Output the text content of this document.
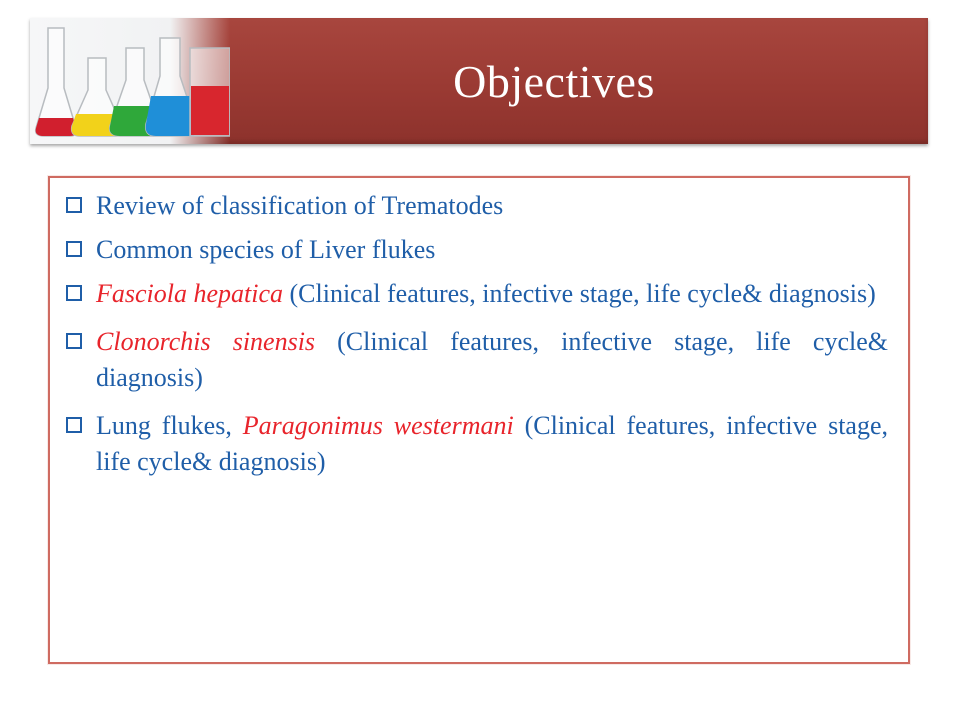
Objectives
Review of classification of Trematodes
Common species of Liver flukes
Fasciola hepatica (Clinical features, infective stage, life cycle& diagnosis)
Clonorchis sinensis (Clinical features, infective stage, life cycle& diagnosis)
Lung flukes, Paragonimus westermani (Clinical features, infective stage, life cycle& diagnosis)
